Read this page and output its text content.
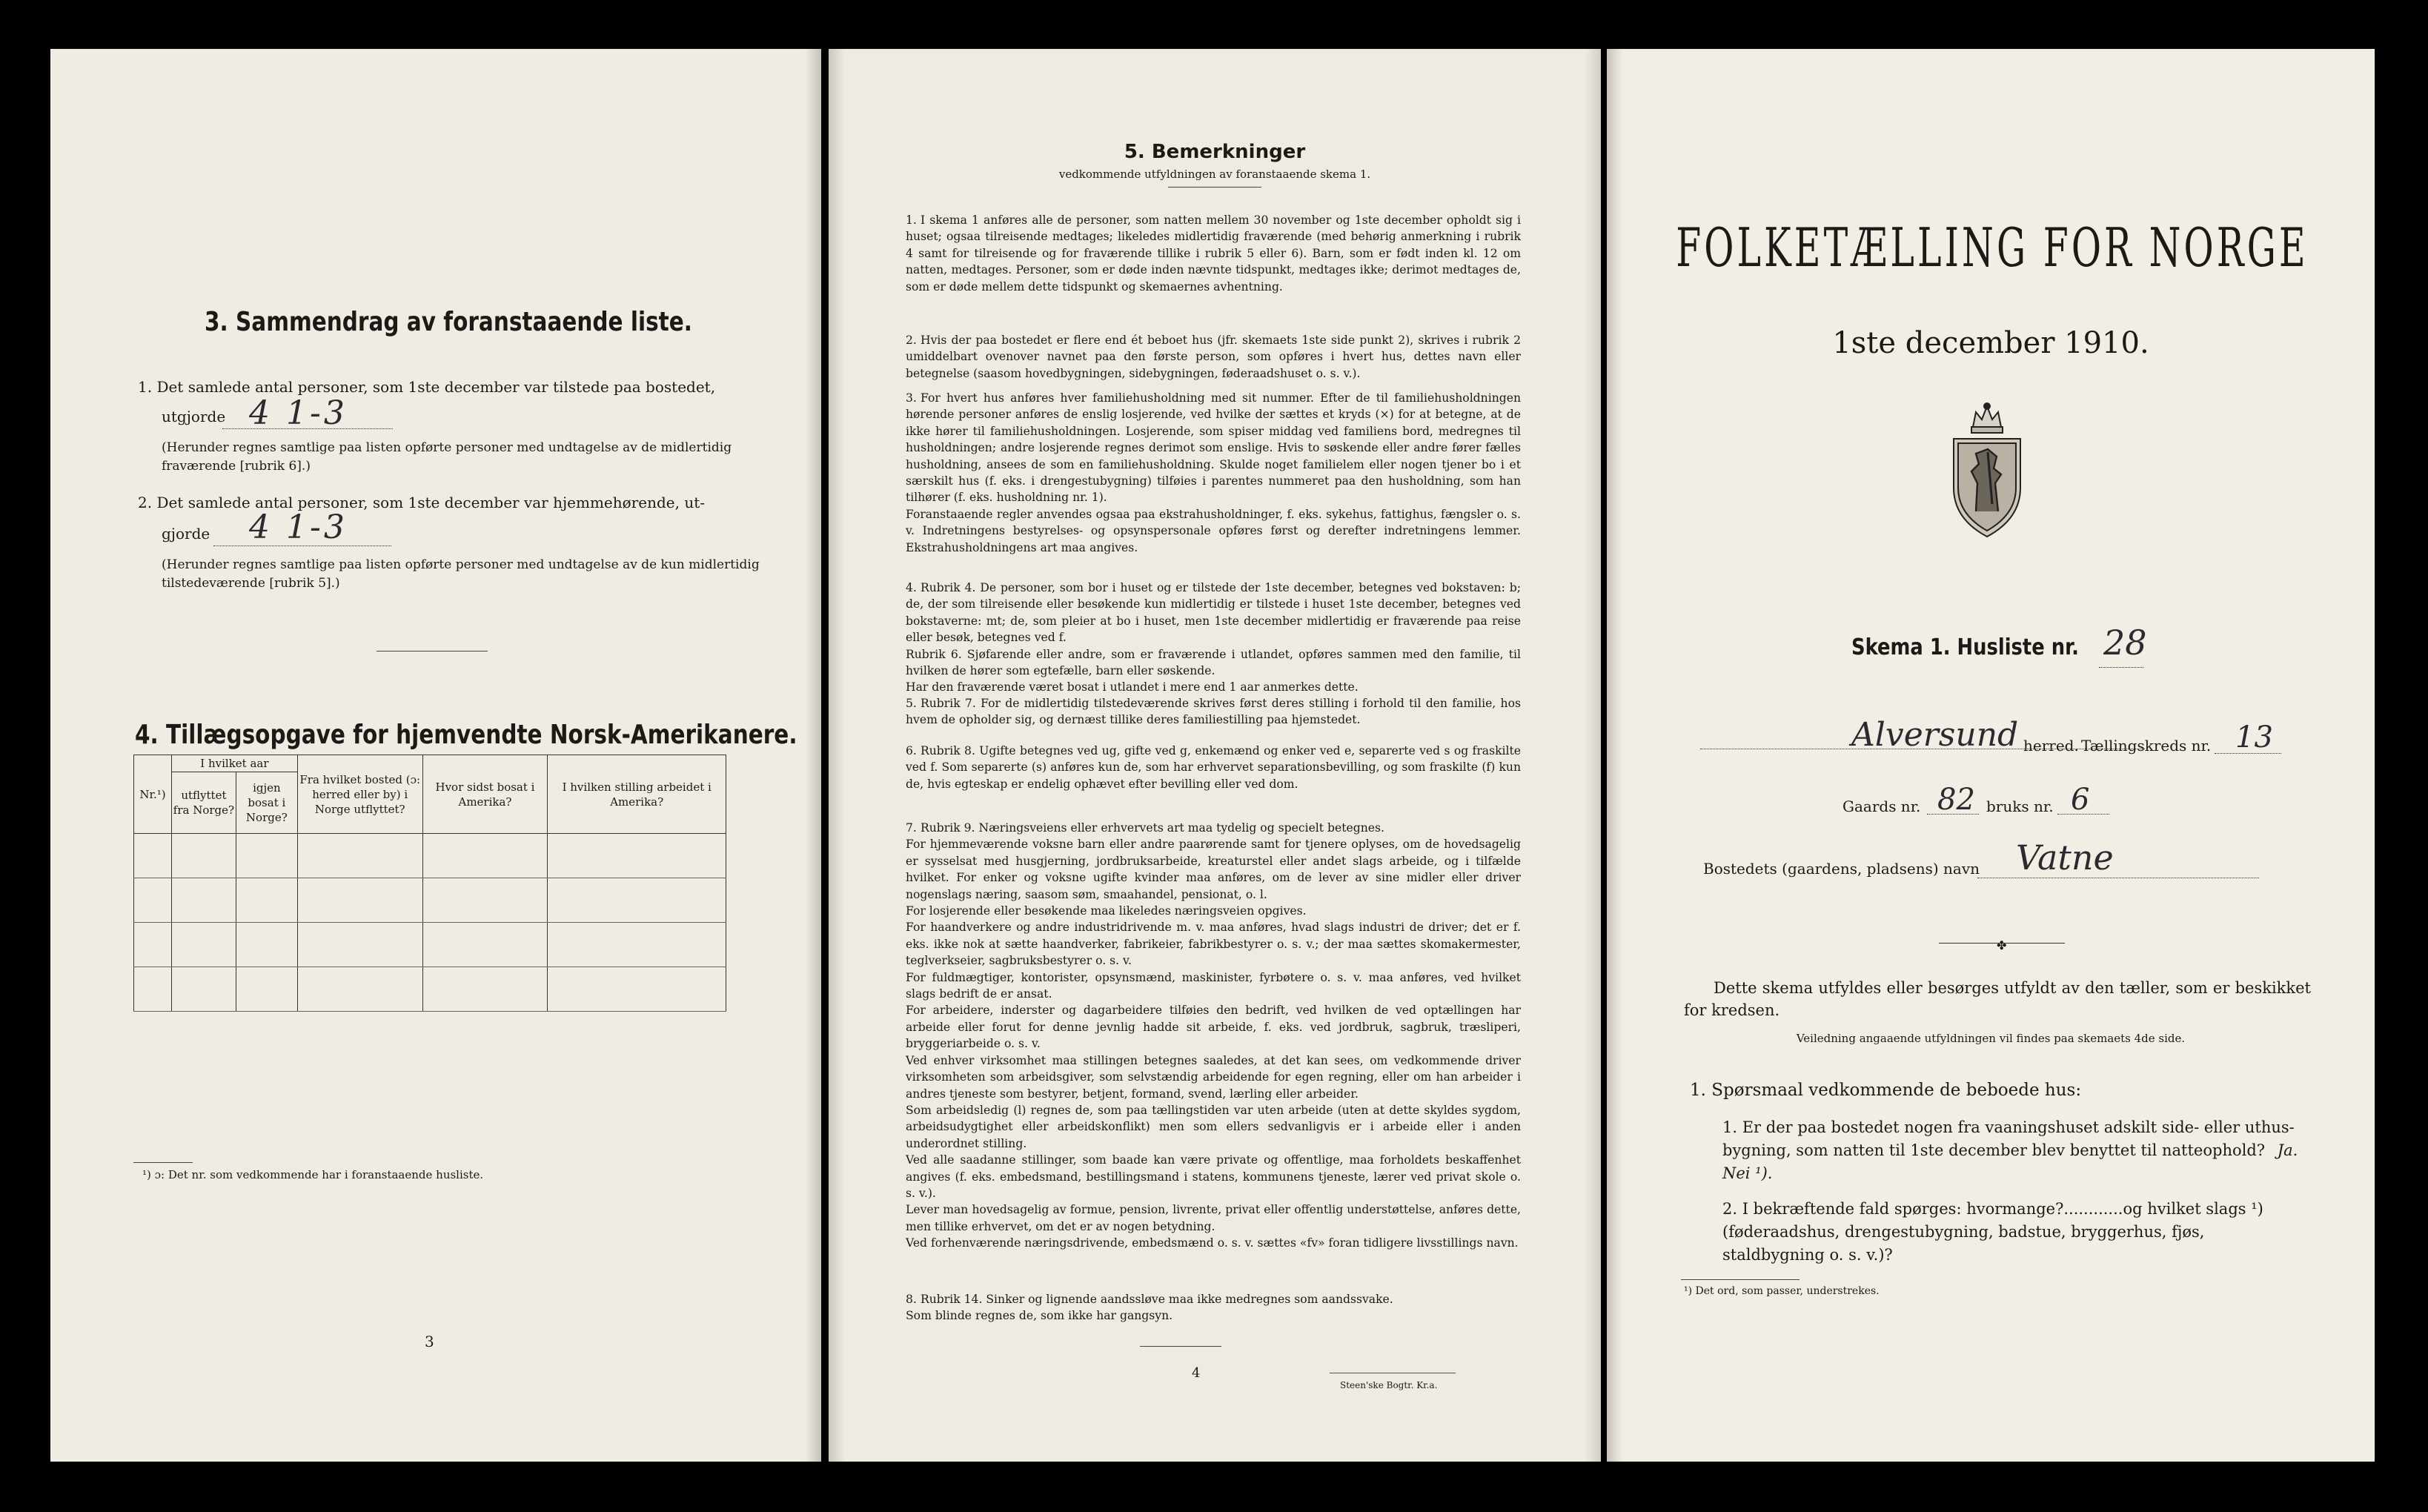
3. Sammendrag av foranstaaende liste.
1. Det samlede antal personer, som 1ste december var tilstede paa bostedet,
utgjorde 4 1-3
(Herunder regnes samtlige paa listen opførte personer med undtagelse av de midlertidig fraværende [rubrik 6].)
2. Det samlede antal personer, som 1ste december var hjemmehørende, ut-
gjorde 4 1-3
(Herunder regnes samtlige paa listen opførte personer med undtagelse av de kun midlertidig tilstedeværende [rubrik 5].)
4. Tillægsopgave for hjemvendte Norsk-Amerikanere.
Nr.¹)	I hvilket aar		Fra hvilket bosted (ɔ: herred eller by) i Norge utflyttet?	Hvor sidst bosat i Amerika?	I hvilken stilling arbeidet i Amerika?
	utflyttet fra Norge?	igjen bosat i Norge?			

¹) ɔ: Det nr. som vedkommende har i foranstaaende husliste.
3
5. Bemerkninger
vedkommende utfyldningen av foranstaaende skema 1.
1. I skema 1 anføres alle de personer, som natten mellem 30 november og 1ste december opholdt sig i huset; ogsaa tilreisende medtages; likeledes midlertidig fraværende (med behørig anmerkning i rubrik 4 samt for tilreisende og for fraværende tillike i rubrik 5 eller 6). Barn, som er født inden kl. 12 om natten, medtages. Personer, som er døde inden nævnte tidspunkt, medtages ikke; derimot medtages de, som er døde mellem dette tidspunkt og skemaernes avhentning.
2. Hvis der paa bostedet er flere end ét beboet hus (jfr. skemaets 1ste side punkt 2), skrives i rubrik 2 umiddelbart ovenover navnet paa den første person, som opføres i hvert hus, dettes navn eller betegnelse (saasom hovedbygningen, sidebygningen, føderaadshuset o. s. v.).
3. For hvert hus anføres hver familiehusholdning med sit nummer. Efter de til familiehusholdningen hørende personer anføres de enslig losjerende, ved hvilke der sættes et kryds (×) for at betegne, at de ikke hører til familiehusholdningen. Losjerende, som spiser middag ved familiens bord, medregnes til husholdningen; andre losjerende regnes derimot som enslige. Hvis to søskende eller andre fører fælles husholdning, ansees de som en familiehusholdning. Skulde noget familielem eller nogen tjener bo i et særskilt hus (f. eks. i drengestubygning) tilføies i parentes nummeret paa den husholdning, som han tilhører (f. eks. husholdning nr. 1).
Foranstaaende regler anvendes ogsaa paa ekstrahusholdninger, f. eks. sykehus, fattighus, fængsler o. s. v. Indretningens bestyrelses- og opsynspersonale opføres først og derefter indretningens lemmer. Ekstrahusholdningens art maa angives.
4. Rubrik 4. De personer, som bor i huset og er tilstede der 1ste december, betegnes ved bokstaven: b; de, der som tilreisende eller besøkende kun midlertidig er tilstede i huset 1ste december, betegnes ved bokstaverne: mt; de, som pleier at bo i huset, men 1ste december midlertidig er fraværende paa reise eller besøk, betegnes ved f.
Rubrik 6. Sjøfarende eller andre, som er fraværende i utlandet, opføres sammen med den familie, til hvilken de hører som egtefælle, barn eller søskende.
Har den fraværende været bosat i utlandet i mere end 1 aar anmerkes dette.
5. Rubrik 7. For de midlertidig tilstedeværende skrives først deres stilling i forhold til den familie, hos hvem de opholder sig, og dernæst tillike deres familiestilling paa hjemstedet.
6. Rubrik 8. Ugifte betegnes ved ug, gifte ved g, enkemænd og enker ved e, separerte ved s og fraskilte ved f. Som separerte (s) anføres kun de, som har erhvervet separationsbevilling, og som fraskilte (f) kun de, hvis egteskap er endelig ophævet efter bevilling eller ved dom.
7. Rubrik 9. Næringsveiens eller erhvervets art maa tydelig og specielt betegnes.
For hjemmeværende voksne barn eller andre paarørende samt for tjenere oplyses, om de hovedsagelig er sysselsat med husgjerning, jordbruksarbeide, kreaturstel eller andet slags arbeide, og i tilfælde hvilket. For enker og voksne ugifte kvinder maa anføres, om de lever av sine midler eller driver nogenslags næring, saasom søm, smaahandel, pensionat, o. l.
For losjerende eller besøkende maa likeledes næringsveien opgives.
For haandverkere og andre industridrivende m. v. maa anføres, hvad slags industri de driver; det er f. eks. ikke nok at sætte haandverker, fabrikeier, fabrikbestyrer o. s. v.; der maa sættes skomakermester, teglverkseier, sagbruksbestyrer o. s. v.
For fuldmægtiger, kontorister, opsynsmænd, maskinister, fyrbøtere o. s. v. maa anføres, ved hvilket slags bedrift de er ansat.
For arbeidere, inderster og dagarbeidere tilføies den bedrift, ved hvilken de ved optællingen har arbeide eller forut for denne jevnlig hadde sit arbeide, f. eks. ved jordbruk, sagbruk, træsliperi, bryggeriarbeide o. s. v.
Ved enhver virksomhet maa stillingen betegnes saaledes, at det kan sees, om vedkommende driver virksomheten som arbeidsgiver, som selvstændig arbeidende for egen regning, eller om han arbeider i andres tjeneste som bestyrer, betjent, formand, svend, lærling eller arbeider.
Som arbeidsledig (l) regnes de, som paa tællingstiden var uten arbeide (uten at dette skyldes sygdom, arbeidsudygtighet eller arbeidskonflikt) men som ellers sedvanligvis er i arbeide eller i anden underordnet stilling.
Ved alle saadanne stillinger, som baade kan være private og offentlige, maa forholdets beskaffenhet angives (f. eks. embedsmand, bestillingsmand i statens, kommunens tjeneste, lærer ved privat skole o. s. v.).
Lever man hovedsagelig av formue, pension, livrente, privat eller offentlig understøttelse, anføres dette, men tillike erhvervet, om det er av nogen betydning.
Ved forhenværende næringsdrivende, embedsmænd o. s. v. sættes «fv» foran tidligere livsstillings navn.
8. Rubrik 14. Sinker og lignende aandssløve maa ikke medregnes som aandssvake.
Som blinde regnes de, som ikke har gangsyn.
4
Steen'ske Bogtr. Kr.a.
FOLKETÆLLING FOR NORGE
1ste december 1910.
Skema 1. Husliste nr. 28
Alversund herred. Tællingskreds nr. 13
Gaards nr. 82 bruks nr. 6
Bostedets (gaardens, pladsens) navn Vatne
✤
Dette skema utfyldes eller besørges utfyldt av den tæller, som er beskikket for kredsen.
Veiledning angaaende utfyldningen vil findes paa skemaets 4de side.
1. Spørsmaal vedkommende de beboede hus:
1. Er der paa bostedet nogen fra vaaningshuset adskilt side- eller uthus-bygning, som natten til 1ste december blev benyttet til natteophold? Ja. Nei ¹).
2. I bekræftende fald spørges: hvormange?............og hvilket slags ¹) (føderaadshus, drengestubygning, badstue, bryggerhus, fjøs, staldbygning o. s. v.)?
¹) Det ord, som passer, understrekes.
